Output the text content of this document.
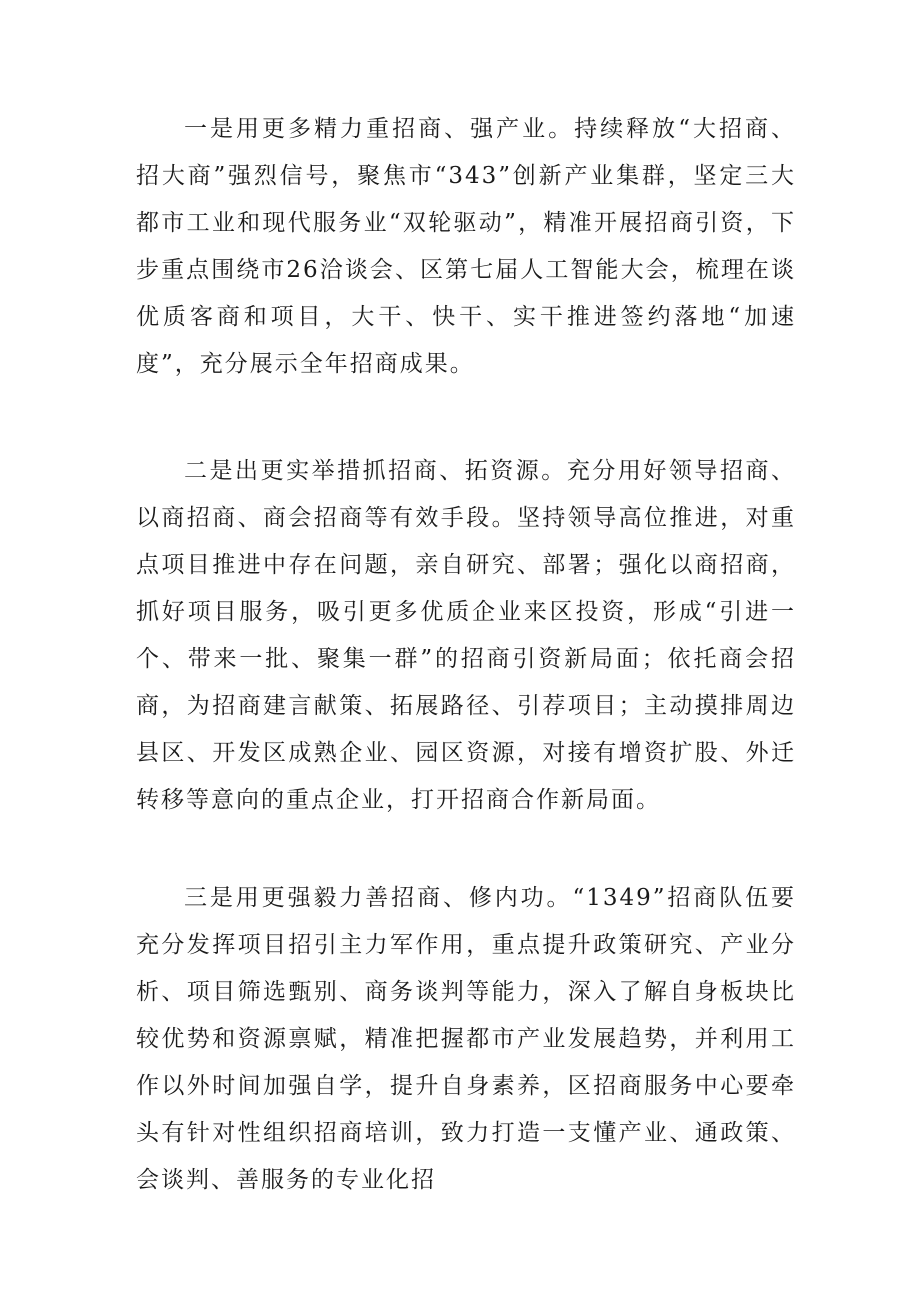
一是用更多精力重招商、强产业。持续释放“大招商、招大商”强烈信号，聚焦市“343”创新产业集群，坚定三大都市工业和现代服务业“双轮驱动”，精准开展招商引资，下步重点围绕市26洽谈会、区第七届人工智能大会，梳理在谈优质客商和项目，大干、快干、实干推进签约落地“加速度”，充分展示全年招商成果。

二是出更实举措抓招商、拓资源。充分用好领导招商、以商招商、商会招商等有效手段。坚持领导高位推进，对重点项目推进中存在问题，亲自研究、部署；强化以商招商，抓好项目服务，吸引更多优质企业来区投资，形成“引进一个、带来一批、聚集一群”的招商引资新局面；依托商会招商，为招商建言献策、拓展路径、引荐项目；主动摸排周边县区、开发区成熟企业、园区资源，对接有增资扩股、外迁转移等意向的重点企业，打开招商合作新局面。

三是用更强毅力善招商、修内功。“1349”招商队伍要充分发挥项目招引主力军作用，重点提升政策研究、产业分析、项目筛选甄别、商务谈判等能力，深入了解自身板块比较优势和资源禀赋，精准把握都市产业发展趋势，并利用工作以外时间加强自学，提升自身素养，区招商服务中心要牵头有针对性组织招商培训，致力打造一支懂产业、通政策、会谈判、善服务的专业化招
